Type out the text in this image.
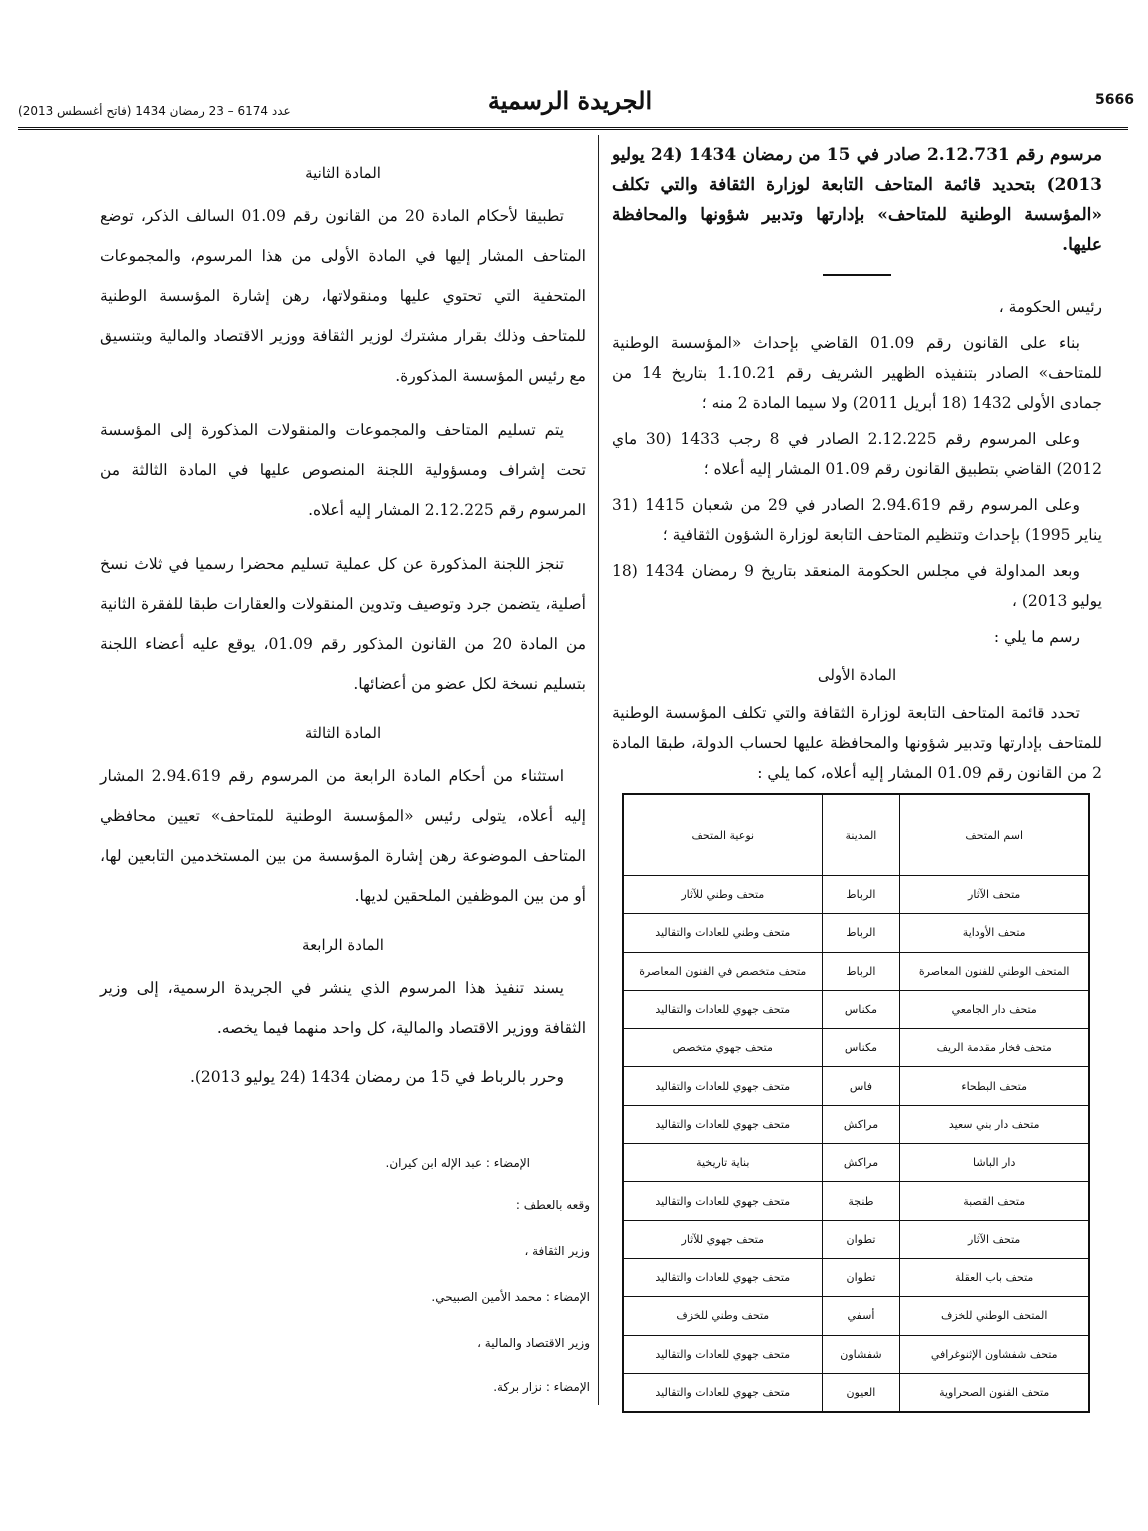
5666
الجريدة الرسمية
عدد 6174 – 23 رمضان 1434 (فاتح أغسطس 2013)

مرسوم رقم 2.12.731 صادر في 15 من رمضان 1434 (24 يوليو 2013) بتحديد قائمة المتاحف التابعة لوزارة الثقافة والتي تكلف «المؤسسة الوطنية للمتاحف» بإدارتها وتدبير شؤونها والمحافظة عليها.

رئيس الحكومة ،

بناء على القانون رقم 01.09 القاضي بإحداث «المؤسسة الوطنية للمتاحف» الصادر بتنفيذه الظهير الشريف رقم 1.10.21 بتاريخ 14 من جمادى الأولى 1432 (18 أبريل 2011) ولا سيما المادة 2 منه ؛

وعلى المرسوم رقم 2.12.225 الصادر في 8 رجب 1433 (30 ماي 2012) القاضي بتطبيق القانون رقم 01.09 المشار إليه أعلاه ؛

وعلى المرسوم رقم 2.94.619 الصادر في 29 من شعبان 1415 (31 يناير 1995) بإحداث وتنظيم المتاحف التابعة لوزارة الشؤون الثقافية ؛

وبعد المداولة في مجلس الحكومة المنعقد بتاريخ 9 رمضان 1434 (18 يوليو 2013) ،

رسم ما يلي :

المادة الأولى

تحدد قائمة المتاحف التابعة لوزارة الثقافة والتي تكلف المؤسسة الوطنية للمتاحف بإدارتها وتدبير شؤونها والمحافظة عليها لحساب الدولة، طبقا المادة 2 من القانون رقم 01.09 المشار إليه أعلاه، كما يلي :

اسم المتحف	المدينة	نوعية المتحف
متحف الآثار	الرباط	متحف وطني للآثار
متحف الأوداية	الرباط	متحف وطني للعادات والتقاليد
المتحف الوطني للفنون المعاصرة	الرباط	متحف متخصص في الفنون المعاصرة
متحف دار الجامعي	مكناس	متحف جهوي للعادات والتقاليد
متحف فخار مقدمة الريف	مكناس	متحف جهوي متخصص
متحف البطحاء	فاس	متحف جهوي للعادات والتقاليد
متحف دار بني سعيد	مراكش	متحف جهوي للعادات والتقاليد
دار الباشا	مراكش	بناية تاريخية
متحف القصبة	طنجة	متحف جهوي للعادات والتقاليد
متحف الآثار	تطوان	متحف جهوي للآثار
متحف باب العقلة	تطوان	متحف جهوي للعادات والتقاليد
المتحف الوطني للخزف	أسفي	متحف وطني للخزف
متحف شفشاون الإثنوغرافي	شفشاون	متحف جهوي للعادات والتقاليد
متحف الفنون الصحراوية	العيون	متحف جهوي للعادات والتقاليد

المادة الثانية

تطبيقا لأحكام المادة 20 من القانون رقم 01.09 السالف الذكر، توضع المتاحف المشار إليها في المادة الأولى من هذا المرسوم، والمجموعات المتحفية التي تحتوي عليها ومنقولاتها، رهن إشارة المؤسسة الوطنية للمتاحف وذلك بقرار مشترك لوزير الثقافة ووزير الاقتصاد والمالية وبتنسيق مع رئيس المؤسسة المذكورة.

يتم تسليم المتاحف والمجموعات والمنقولات المذكورة إلى المؤسسة تحت إشراف ومسؤولية اللجنة المنصوص عليها في المادة الثالثة من المرسوم رقم 2.12.225 المشار إليه أعلاه.

تنجز اللجنة المذكورة عن كل عملية تسليم محضرا رسميا في ثلاث نسخ أصلية، يتضمن جرد وتوصيف وتدوين المنقولات والعقارات طبقا للفقرة الثانية من المادة 20 من القانون المذكور رقم 01.09، يوقع عليه أعضاء اللجنة بتسليم نسخة لكل عضو من أعضائها.

المادة الثالثة

استثناء من أحكام المادة الرابعة من المرسوم رقم 2.94.619 المشار إليه أعلاه، يتولى رئيس «المؤسسة الوطنية للمتاحف» تعيين محافظي المتاحف الموضوعة رهن إشارة المؤسسة من بين المستخدمين التابعين لها، أو من بين الموظفين الملحقين لديها.

المادة الرابعة

يسند تنفيذ هذا المرسوم الذي ينشر في الجريدة الرسمية، إلى وزير الثقافة ووزير الاقتصاد والمالية، كل واحد منهما فيما يخصه.

وحرر بالرباط في 15 من رمضان 1434 (24 يوليو 2013).

الإمضاء : عبد الإله ابن كيران.
وقعه بالعطف :
وزير الثقافة ،
الإمضاء : محمد الأمين الصبيحي.
وزير الاقتصاد والمالية ،
الإمضاء : نزار بركة.
